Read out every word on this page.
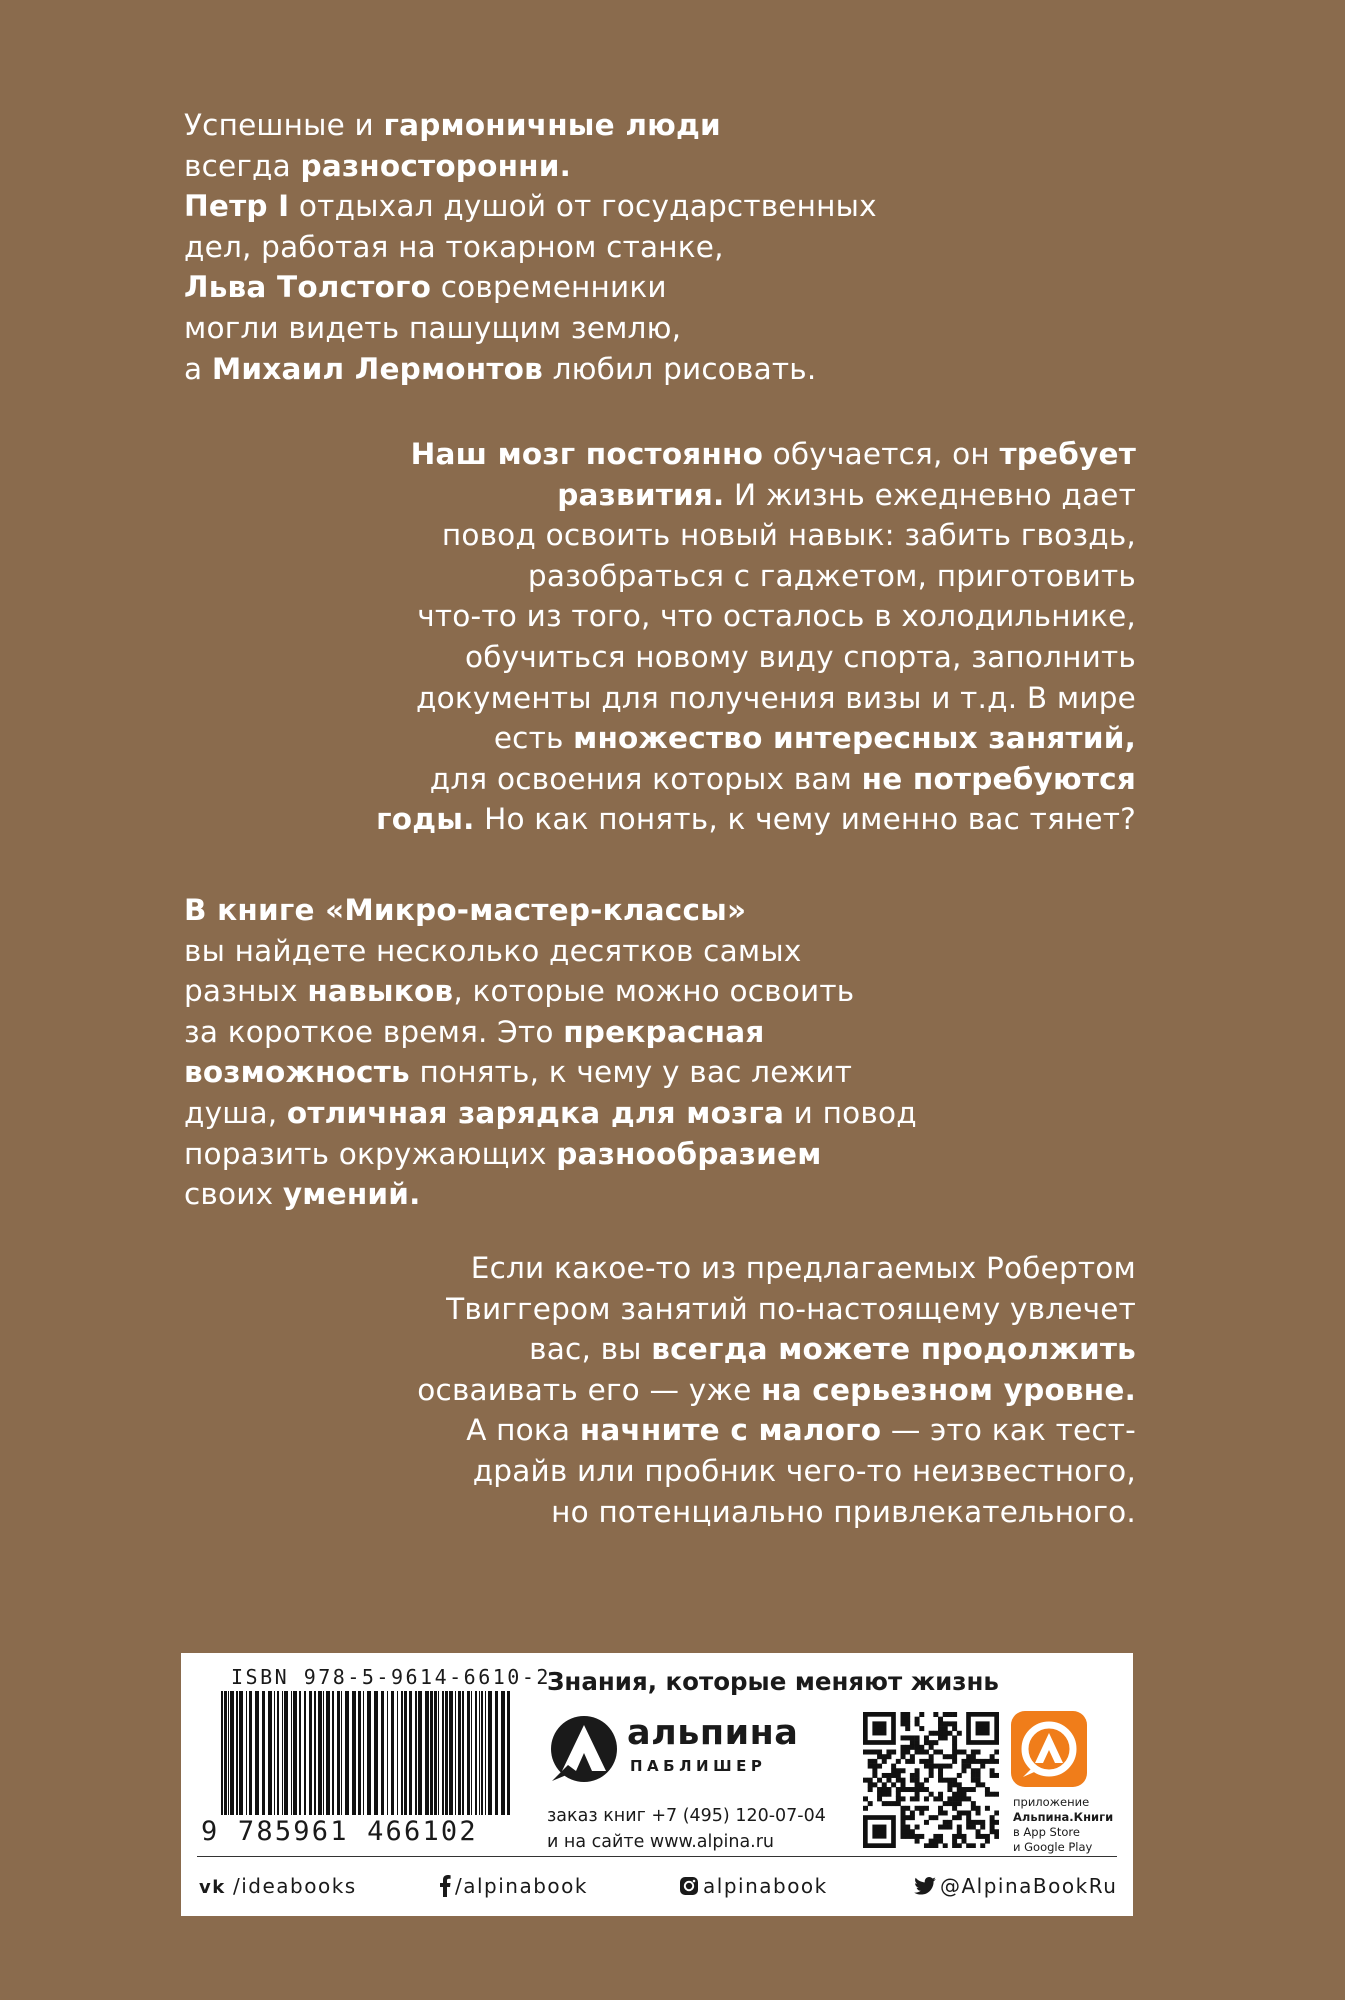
Успешные и гармоничные люди
всегда разносторонни.
Петр I отдыхал душой от государственных
дел, работая на токарном станке,
Льва Толстого современники
могли видеть пашущим землю,
а Михаил Лермонтов любил рисовать.
Наш мозг постоянно обучается, он требует
развития. И жизнь ежедневно дает
повод освоить новый навык: забить гвоздь,
разобраться с гаджетом, приготовить
что-то из того, что осталось в холодильнике,
обучиться новому виду спорта, заполнить
документы для получения визы и т.д. В мире
есть множество интересных занятий,
для освоения которых вам не потребуются
годы. Но как понять, к чему именно вас тянет?
В книге «Микро-мастер-классы»
вы найдете несколько десятков самых
разных навыков, которые можно освоить
за короткое время. Это прекрасная
возможность понять, к чему у вас лежит
душа, отличная зарядка для мозга и повод
поразить окружающих разнообразием
своих умений.
Если какое-то из предлагаемых Робертом
Твиггером занятий по-настоящему увлечет
вас, вы всегда можете продолжить
осваивать его — уже на серьезном уровне.
А пока начните с малого — это как тест-
драйв или пробник чего-то неизвестного,
но потенциально привлекательного.
ISBN 978-5-9614-6610-2
9 785961 466102
Знания, которые меняют жизнь
альпина
ПАБЛИШЕР
заказ книг +7 (495) 120-07-04
и на сайте www.alpina.ru
приложение
Альпина.Книги
в App Store
и Google Play
vk /ideabooks	/alpinabook	alpinabook	@AlpinaBookRu
